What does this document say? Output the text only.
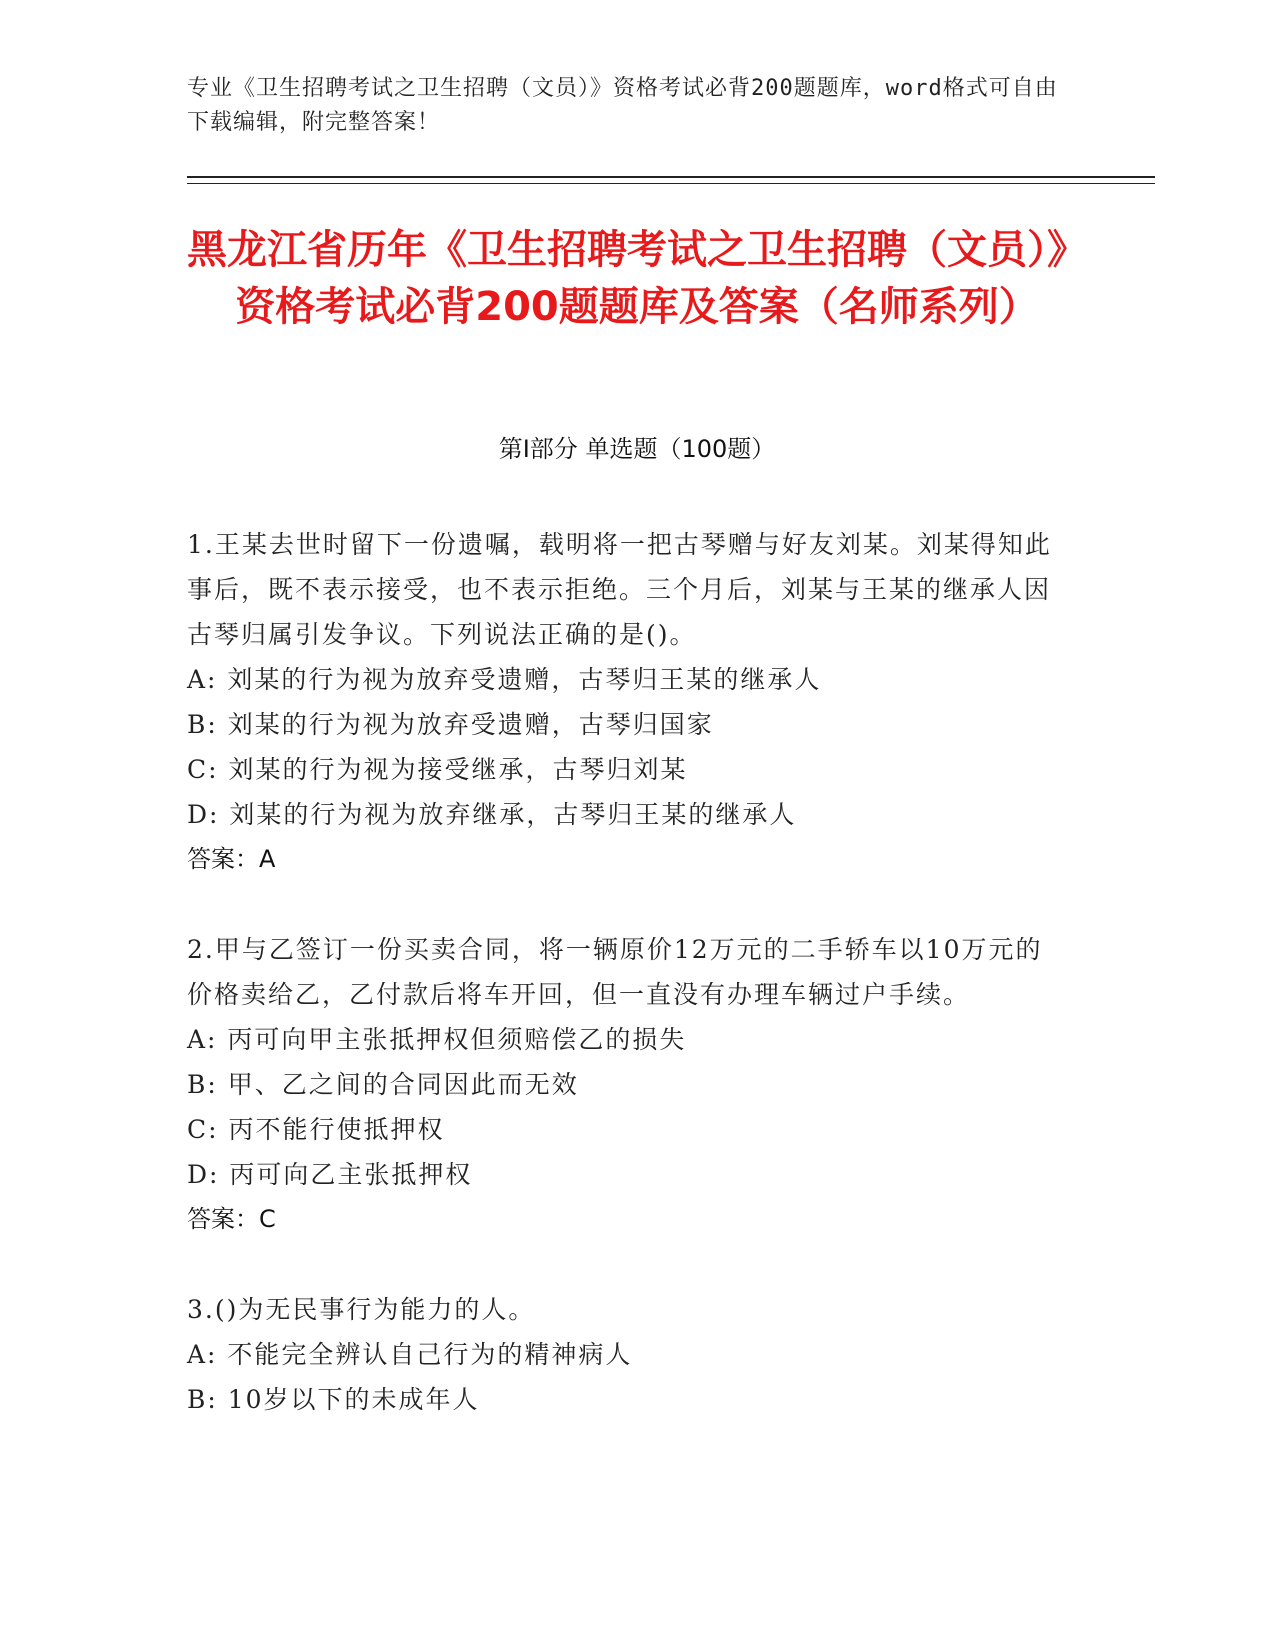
专业《卫生招聘考试之卫生招聘（文员）》资格考试必背200题题库，word格式可自由下载编辑，附完整答案！
黑龙江省历年《卫生招聘考试之卫生招聘（文员）》资格考试必背200题题库及答案（名师系列）
第I部分 单选题（100题）
1.王某去世时留下一份遗嘱，载明将一把古琴赠与好友刘某。刘某得知此事后，既不表示接受，也不表示拒绝。三个月后，刘某与王某的继承人因古琴归属引发争议。下列说法正确的是()。
A: 刘某的行为视为放弃受遗赠，古琴归王某的继承人
B: 刘某的行为视为放弃受遗赠，古琴归国家
C: 刘某的行为视为接受继承，古琴归刘某
D: 刘某的行为视为放弃继承，古琴归王某的继承人
答案：A
2.甲与乙签订一份买卖合同，将一辆原价12万元的二手轿车以10万元的价格卖给乙，乙付款后将车开回，但一直没有办理车辆过户手续。
A: 丙可向甲主张抵押权但须赔偿乙的损失
B: 甲、乙之间的合同因此而无效
C: 丙不能行使抵押权
D: 丙可向乙主张抵押权
答案：C
3.()为无民事行为能力的人。
A: 不能完全辨认自己行为的精神病人
B: 10岁以下的未成年人
